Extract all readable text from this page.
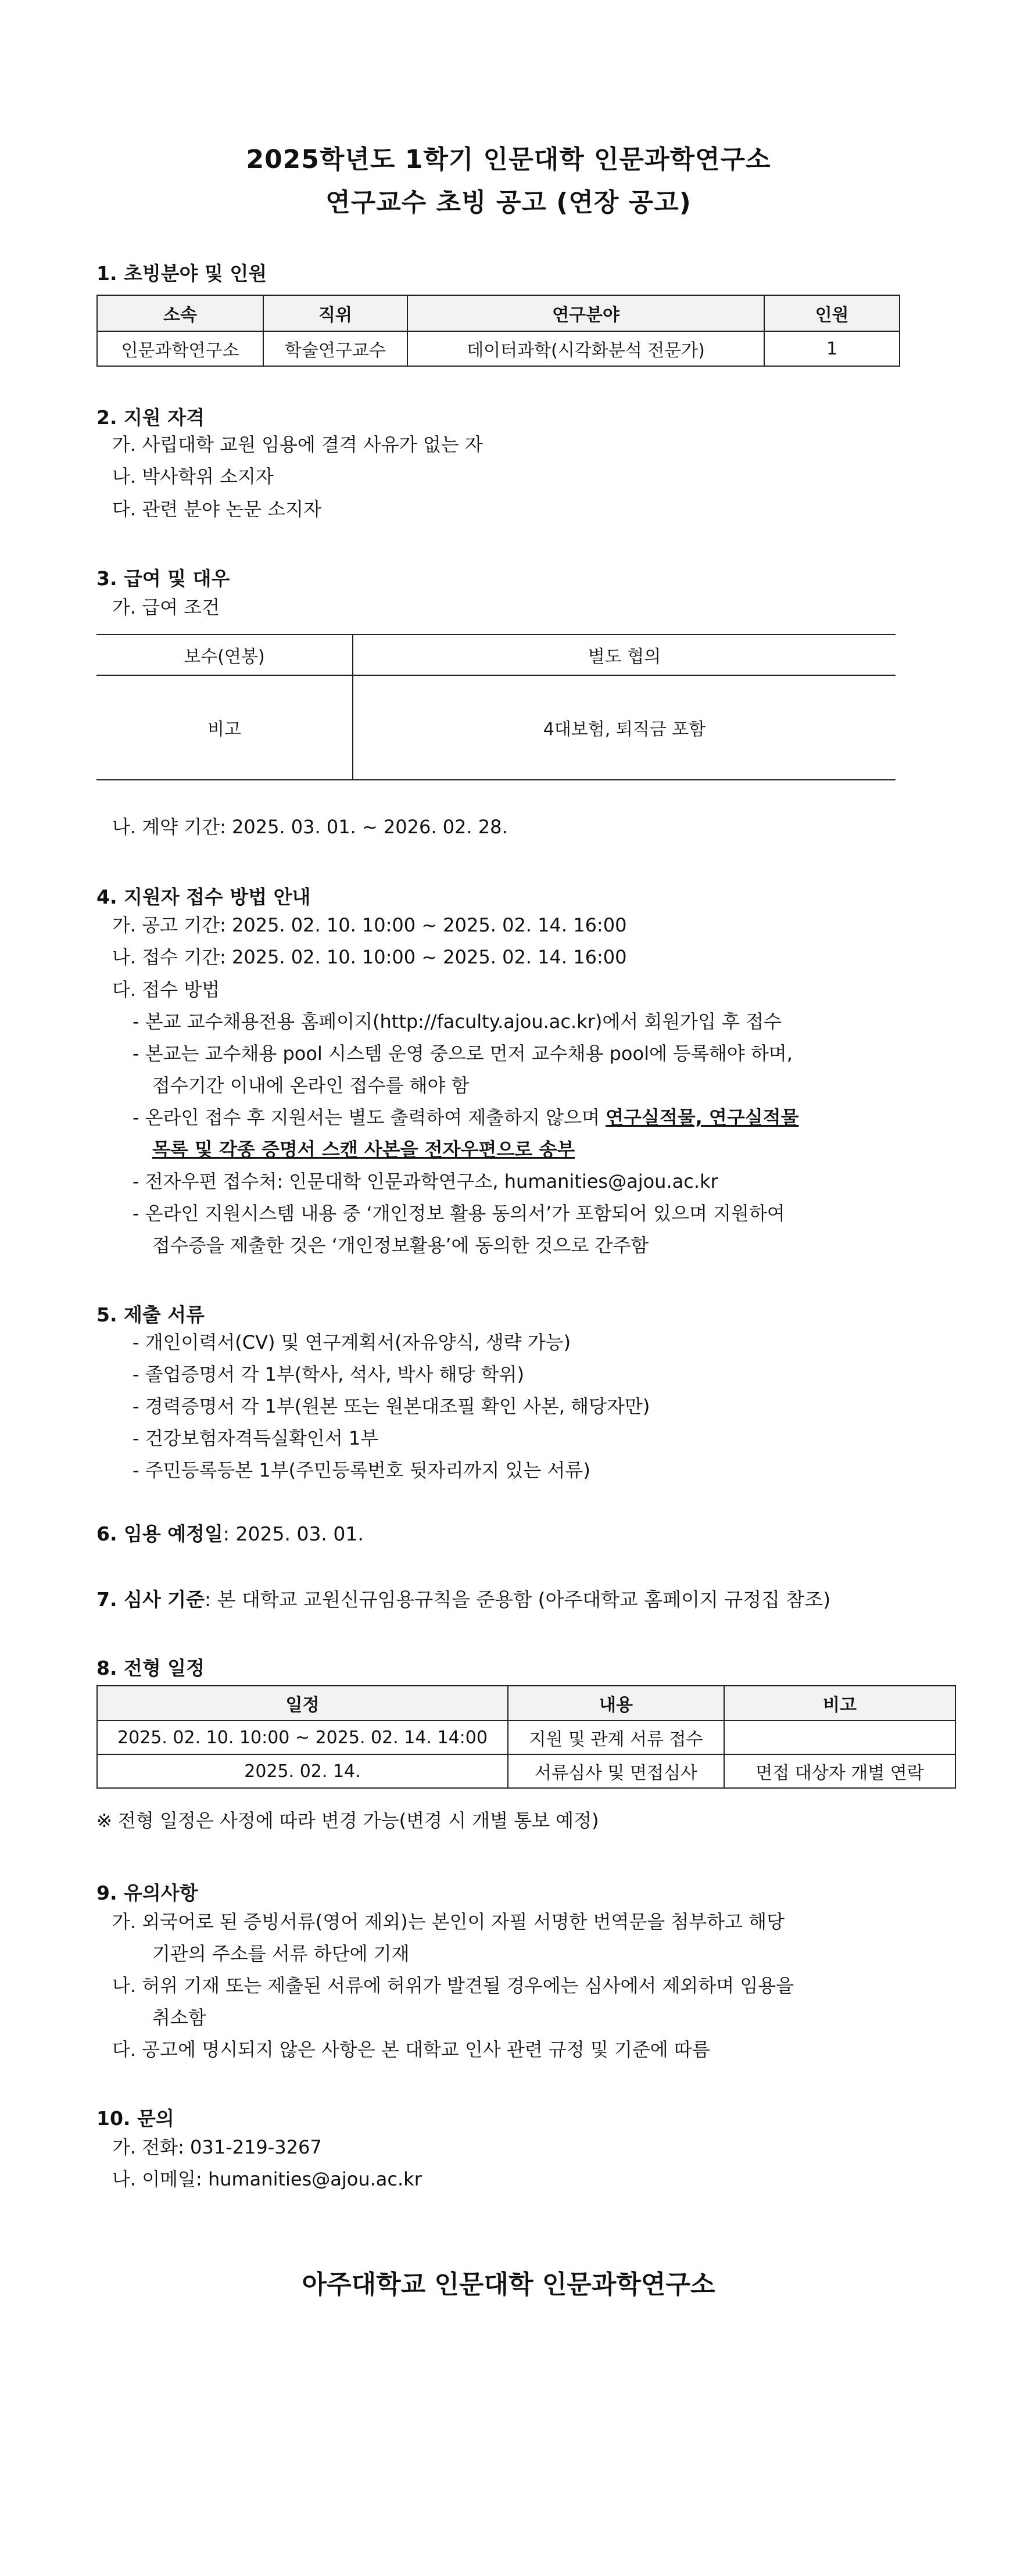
2025학년도 1학기 인문대학 인문과학연구소
연구교수 초빙 공고 (연장 공고)
1. 초빙분야 및 인원
소속	직위	연구분야	인원
인문과학연구소	학술연구교수	데이터과학(시각화분석 전문가)	1
2. 지원 자격
가. 사립대학 교원 임용에 결격 사유가 없는 자
나. 박사학위 소지자
다. 관련 분야 논문 소지자
3. 급여 및 대우
가. 급여 조건
보수(연봉)	별도 협의
비고	4대보험, 퇴직금 포함
나. 계약 기간: 2025. 03. 01. ~ 2026. 02. 28.
4. 지원자 접수 방법 안내
가. 공고 기간: 2025. 02. 10. 10:00 ~ 2025. 02. 14. 16:00
나. 접수 기간: 2025. 02. 10. 10:00 ~ 2025. 02. 14. 16:00
다. 접수 방법
- 본교 교수채용전용 홈페이지(http://faculty.ajou.ac.kr)에서 회원가입 후 접수
- 본교는 교수채용 pool 시스템 운영 중으로 먼저 교수채용 pool에 등록해야 하며,
접수기간 이내에 온라인 접수를 해야 함
- 온라인 접수 후 지원서는 별도 출력하여 제출하지 않으며 연구실적물, 연구실적물
목록 및 각종 증명서 스캔 사본을 전자우편으로 송부
- 전자우편 접수처: 인문대학 인문과학연구소, humanities@ajou.ac.kr
- 온라인 지원시스템 내용 중 ‘개인정보 활용 동의서’가 포함되어 있으며 지원하여
접수증을 제출한 것은 ‘개인정보활용’에 동의한 것으로 간주함
5. 제출 서류
- 개인이력서(CV) 및 연구계획서(자유양식, 생략 가능)
- 졸업증명서 각 1부(학사, 석사, 박사 해당 학위)
- 경력증명서 각 1부(원본 또는 원본대조필 확인 사본, 해당자만)
- 건강보험자격득실확인서 1부
- 주민등록등본 1부(주민등록번호 뒷자리까지 있는 서류)
6. 임용 예정일: 2025. 03. 01.
7. 심사 기준: 본 대학교 교원신규임용규칙을 준용함 (아주대학교 홈페이지 규정집 참조)
8. 전형 일정
일정	내용	비고
2025. 02. 10. 10:00 ~ 2025. 02. 14. 14:00	지원 및 관계 서류 접수	
2025. 02. 14.	서류심사 및 면접심사	면접 대상자 개별 연락
※ 전형 일정은 사정에 따라 변경 가능(변경 시 개별 통보 예정)
9. 유의사항
가. 외국어로 된 증빙서류(영어 제외)는 본인이 자필 서명한 번역문을 첨부하고 해당
기관의 주소를 서류 하단에 기재
나. 허위 기재 또는 제출된 서류에 허위가 발견될 경우에는 심사에서 제외하며 임용을
취소함
다. 공고에 명시되지 않은 사항은 본 대학교 인사 관련 규정 및 기준에 따름
10. 문의
가. 전화: 031-219-3267
나. 이메일: humanities@ajou.ac.kr
아주대학교 인문대학 인문과학연구소
